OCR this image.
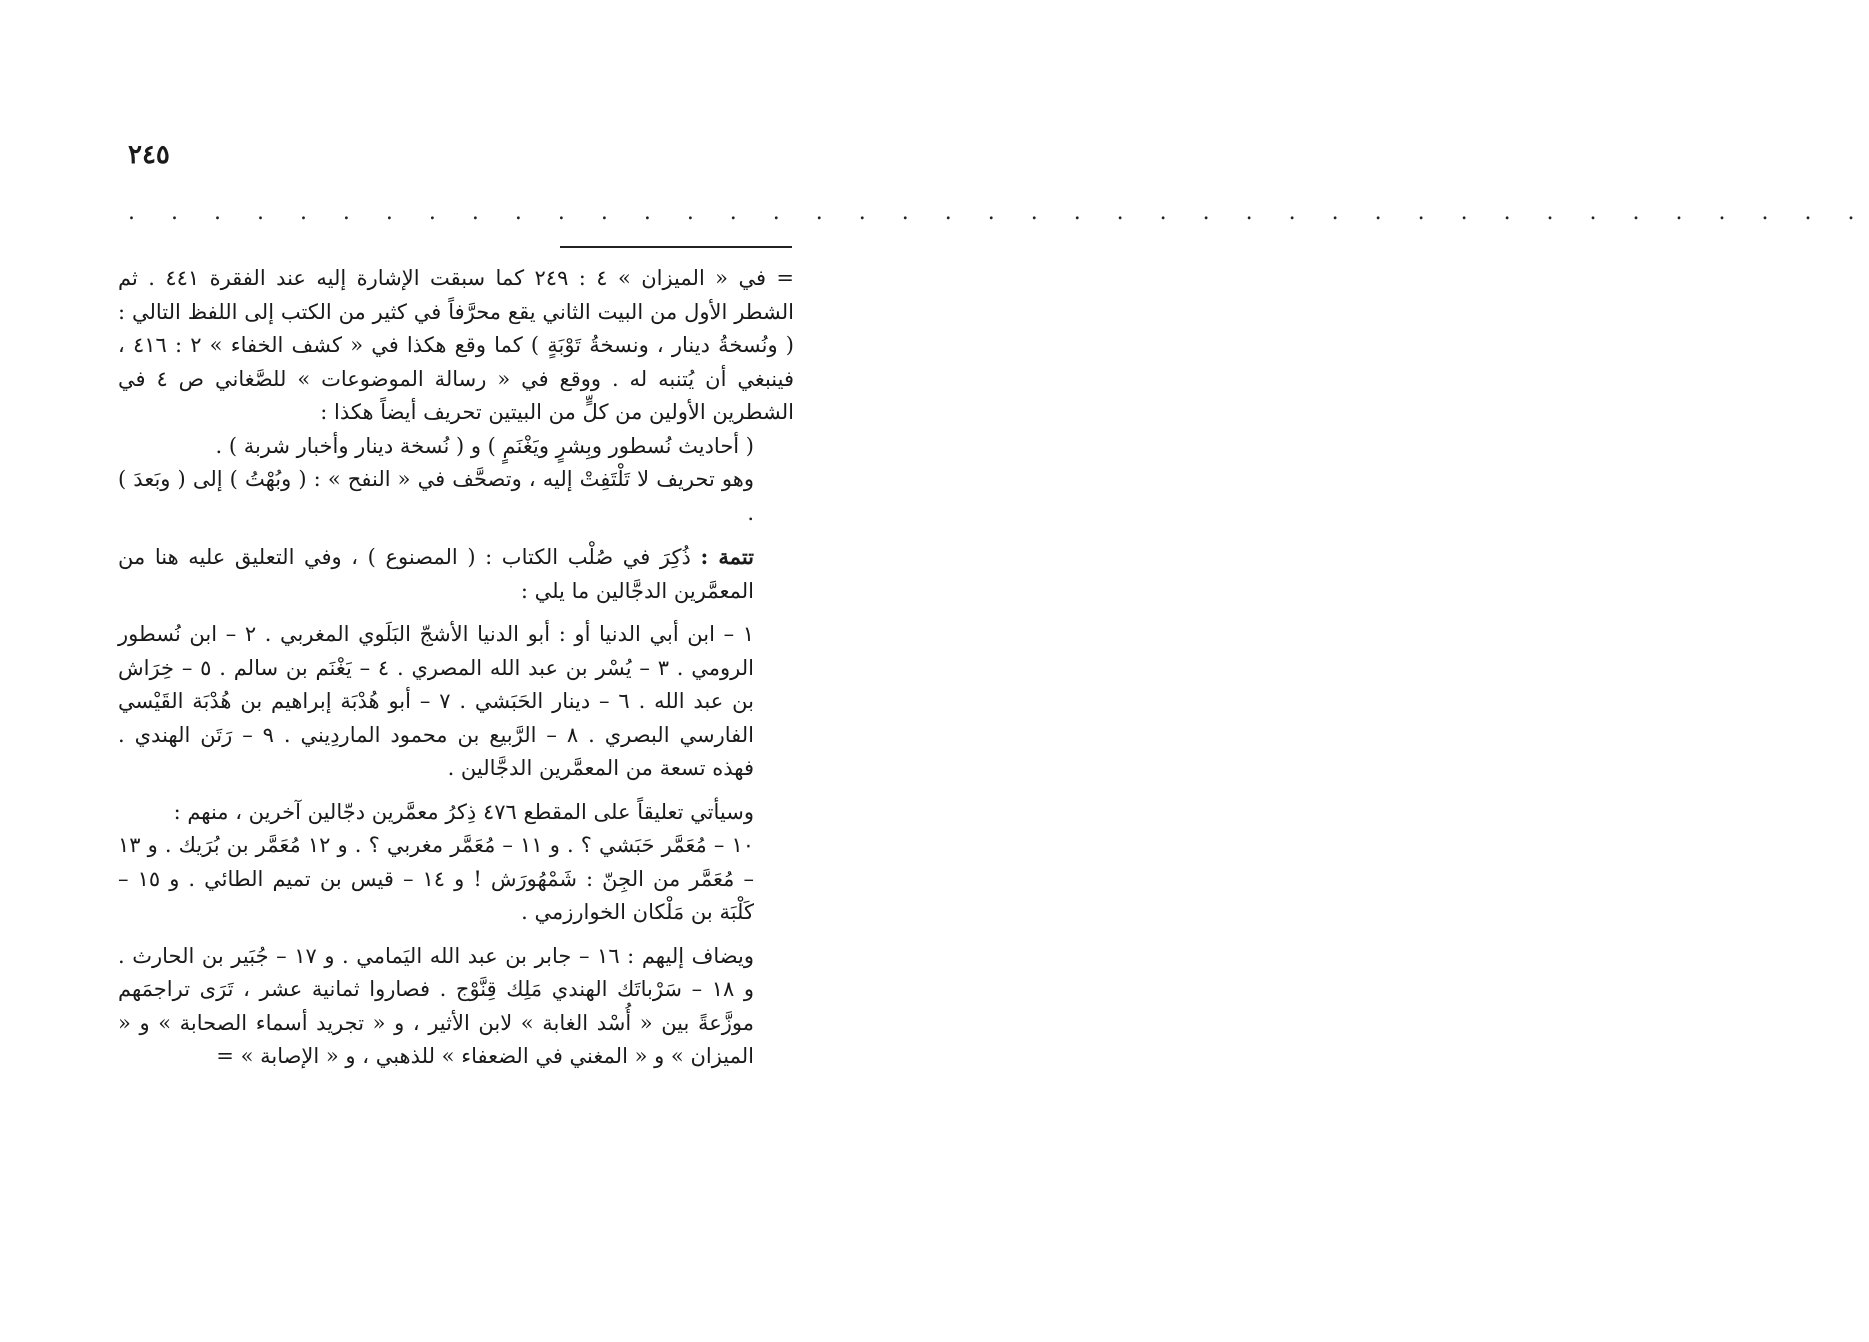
٢٤٥
. . . . . . . . . . . . . . . . . . . . . . . . . . . . . . . . . . . . . . . . .

= في « الميزان » ٤ : ٢٤٩ كما سبقت الإشارة إليه عند الفقرة ٤٤١ . ثم الشطر الأول من البيت الثاني يقع محرَّفاً في كثير من الكتب إلى اللفظ التالي : ( ونُسخةُ دينار ، ونسخةُ تَوْبَةٍ ) كما وقع هكذا في « كشف الخفاء » ٢ : ٤١٦ ، فينبغي أن يُتنبه له . ووقع في « رسالة الموضوعات » للصَّغاني ص ٤ في الشطرين الأولين من كلٍّ من البيتين تحريف أيضاً هكذا :

( أحاديث نُسطور وبِشرٍ ويَغْنَمٍ ) و ( نُسخة دينار وأخبار شربة ) .

وهو تحريف لا تَلْتَفِتْ إليه ، وتصحَّف في « النفح » : ( وبُهْتُ ) إلى ( وبَعدَ ) .

تتمة : ذُكِرَ في صُلْب الكتاب : ( المصنوع ) ، وفي التعليق عليه هنا من المعمَّرين الدجَّالين ما يلي :

١ – ابن أبي الدنيا أو : أبو الدنيا الأشجّ البَلَوي المغربي . ٢ – ابن نُسطور الرومي . ٣ – يُسْر بن عبد الله المصري . ٤ – يَغْنَم بن سالم . ٥ – خِرَاش بن عبد الله . ٦ – دينار الحَبَشي . ٧ – أبو هُدْبَة إبراهيم بن هُدْبَة القَيْسي الفارسي البصري . ٨ – الرَّبيع بن محمود الماردِيني . ٩ – رَتَن الهندي . فهذه تسعة من المعمَّرين الدجَّالين .

وسيأتي تعليقاً على المقطع ٤٧٦ ذِكرُ معمَّرين دجّالين آخرين ، منهم :

١٠ – مُعَمَّر حَبَشي ؟ . و ١١ – مُعَمَّر مغربي ؟ . و ١٢ مُعَمَّر بن بُرَيك . و ١٣ – مُعَمَّر من الجِنّ : شَمْهُورَش ! و ١٤ – قيس بن تميم الطائي . و ١٥ – كَلْبَة بن مَلْكان الخوارزمي .

ويضاف إليهم : ١٦ – جابر بن عبد الله اليَمامي . و ١٧ – جُبَير بن الحارث . و ١٨ – سَرْباتَك الهندي مَلِك قِنَّوْج . فصاروا ثمانية عشر ، تَرَى تراجمَهم موزَّعةً بين « أُسْد الغابة » لابن الأثير ، و « تجريد أسماء الصحابة » و « الميزان » و « المغني في الضعفاء » للذهبي ، و « الإصابة » =
